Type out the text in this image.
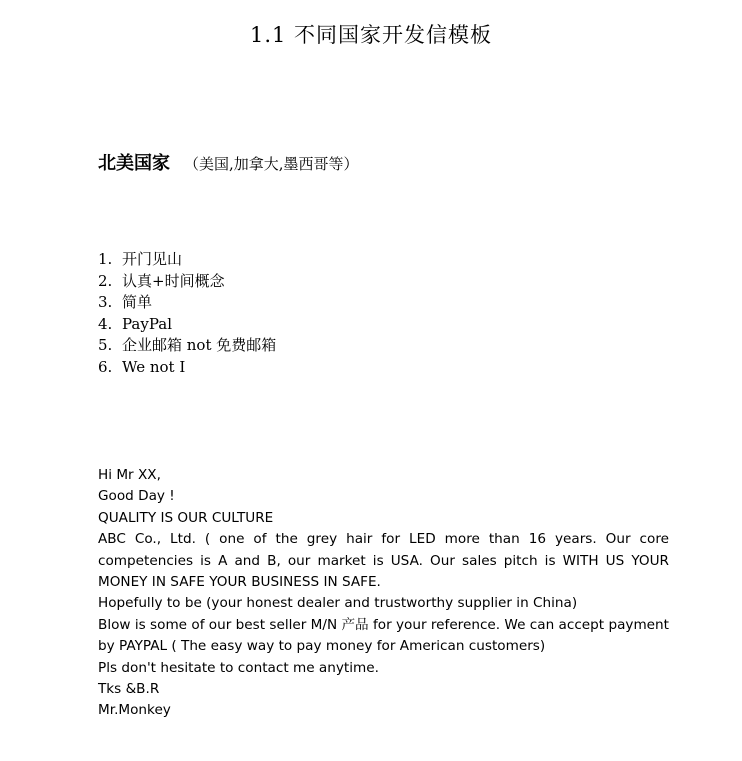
1.1 不同国家开发信模板
北美国家 （美国,加拿大,墨西哥等）
1. 开门见山
2. 认真+时间概念
3. 简单
4. PayPal
5. 企业邮箱 not 免费邮箱
6. We not I

Hi Mr XX,

Good Day !

QUALITY IS OUR CULTURE

ABC Co., Ltd. ( one of the grey hair for LED more than 16 years. Our core competencies is A and B, our market is USA. Our sales pitch is WITH US YOUR MONEY IN SAFE YOUR BUSINESS IN SAFE.

Hopefully to be (your honest dealer and trustworthy supplier in China)

Blow is some of our best seller M/N 产品 for your reference. We can accept payment by PAYPAL ( The easy way to pay money for American customers)

Pls don't hesitate to contact me anytime.

Tks &B.R

Mr.Monkey
